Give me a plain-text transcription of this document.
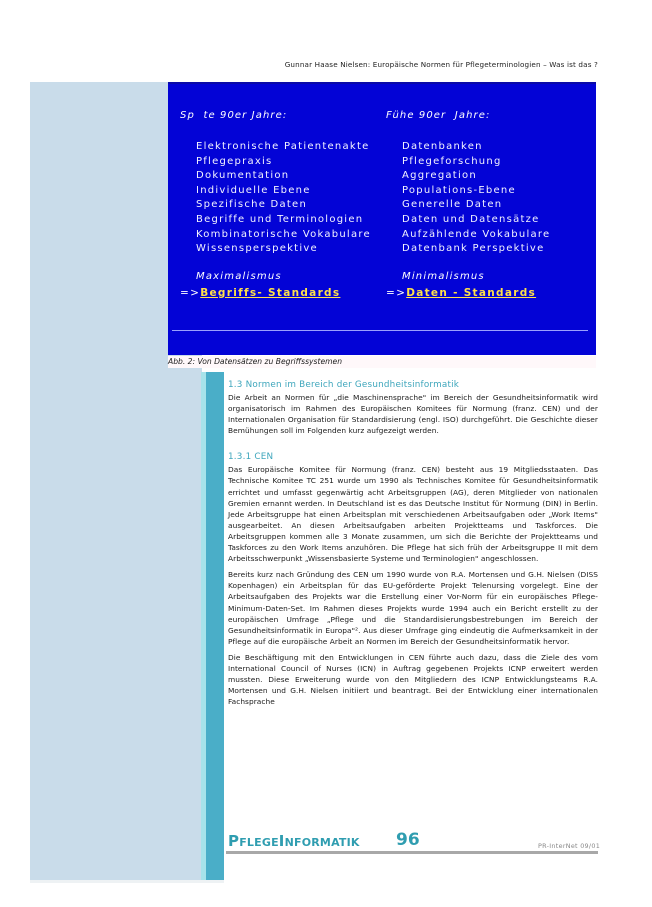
Gunnar Haase Nielsen: Europäische Normen für Pflegeterminologien – Was ist das ?
Sp  te 90er Jahre:
Elektronische Patientenakte
Pflegepraxis
Dokumentation
Individuelle Ebene
Spezifische Daten
Begriffe und Terminologien
Kombinatorische Vokabulare
Wissensperspektive
Maximalismus
=>Begriffs- Standards
Fühe 90er  Jahre:
Datenbanken
Pflegeforschung
Aggregation
Populations-Ebene
Generelle Daten
Daten und Datensätze
Aufzählende Vokabulare
Datenbank Perspektive
Minimalismus
=>Daten - Standards
Abb. 2: Von Datensätzen zu Begriffssystemen
1.3 Normen im Bereich der Gesundheitsinformatik

Die Arbeit an Normen für „die Maschinensprache" im Bereich der Gesundheitsinformatik wird organisatorisch im Rahmen des Europäischen Komitees für Normung (franz. CEN) und der Internationalen Organisation für Standardisierung (engl. ISO) durchgeführt. Die Geschichte dieser Bemühungen soll im Folgenden kurz aufgezeigt werden.

1.3.1 CEN

Das Europäische Komitee für Normung (franz. CEN) besteht aus 19 Mitgliedsstaaten. Das Technische Komitee TC 251 wurde um 1990 als Technisches Komitee für Gesundheitsinformatik errichtet und umfasst gegenwärtig acht Arbeitsgruppen (AG), deren Mitglieder von nationalen Gremien ernannt werden. In Deutschland ist es das Deutsche Institut für Normung (DIN) in Berlin. Jede Arbeitsgruppe hat einen Arbeitsplan mit verschiedenen Arbeitsaufgaben oder „Work Items" ausgearbeitet. An diesen Arbeitsaufgaben arbeiten Projektteams und Taskforces. Die Arbeitsgruppen kommen alle 3 Monate zusammen, um sich die Berichte der Projektteams und Taskforces zu den Work Items anzuhören. Die Pflege hat sich früh der Arbeitsgruppe II mit dem Arbeitsschwerpunkt „Wissensbasierte Systeme und Terminologien" angeschlossen.

Bereits kurz nach Gründung des CEN um 1990 wurde von R.A. Mortensen und G.H. Nielsen (DISS Kopenhagen) ein Arbeitsplan für das EU-geförderte Projekt Telenursing vorgelegt. Eine der Arbeitsaufgaben des Projekts war die Erstellung einer Vor-Norm für ein europäisches Pflege-Minimum-Daten-Set. Im Rahmen dieses Projekts wurde 1994 auch ein Bericht erstellt zu der europäischen Umfrage „Pflege und die Standardisierungsbestrebungen im Bereich der Gesundheitsinformatik in Europa"². Aus dieser Umfrage ging eindeutig die Aufmerksamkeit in der Pflege auf die europäische Arbeit an Normen im Bereich der Gesundheitsinformatik hervor.

Die Beschäftigung mit den Entwicklungen in CEN führte auch dazu, dass die Ziele des vom International Council of Nurses (ICN) in Auftrag gegebenen Projekts ICNP erweitert werden mussten. Diese Erweiterung wurde von den Mitgliedern des ICNP Entwicklungsteams R.A. Mortensen und G.H. Nielsen initiiert und beantragt. Bei der Entwicklung einer internationalen Fachsprache

PFLEGEINFORMATIK 96	PR-InterNet 09/01
